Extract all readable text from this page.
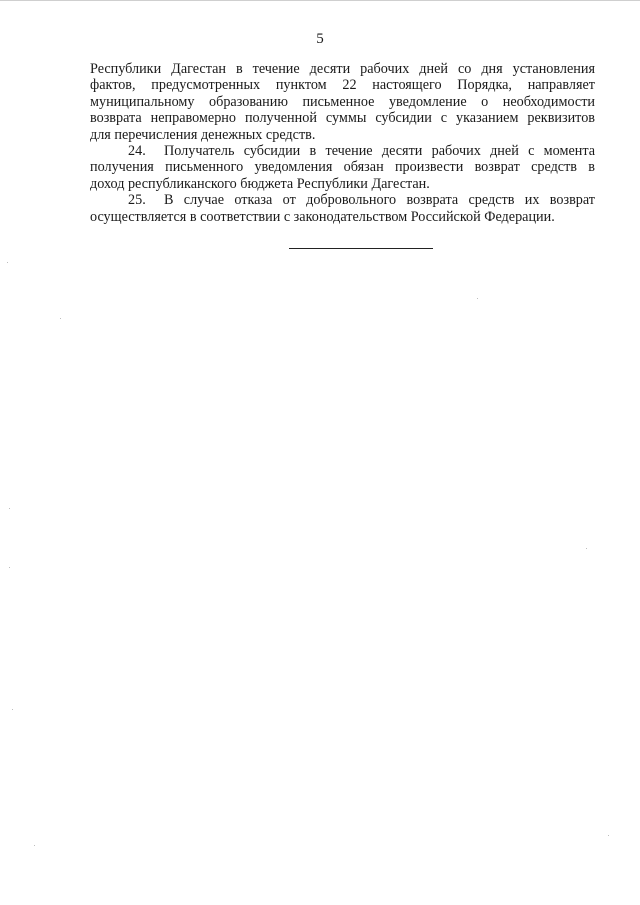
5
Республики Дагестан в течение десяти рабочих дней со дня установления
фактов, предусмотренных пунктом 22 настоящего Порядка, направляет
муниципальному образованию письменное уведомление о необходимости
возврата неправомерно полученной суммы субсидии с указанием реквизитов
для перечисления денежных средств.
24. Получатель субсидии в течение десяти рабочих дней с момента
получения письменного уведомления обязан произвести возврат средств в
доход республиканского бюджета Республики Дагестан.
25. В случае отказа от добровольного возврата средств их возврат
осуществляется в соответствии с законодательством Российской Федерации.
